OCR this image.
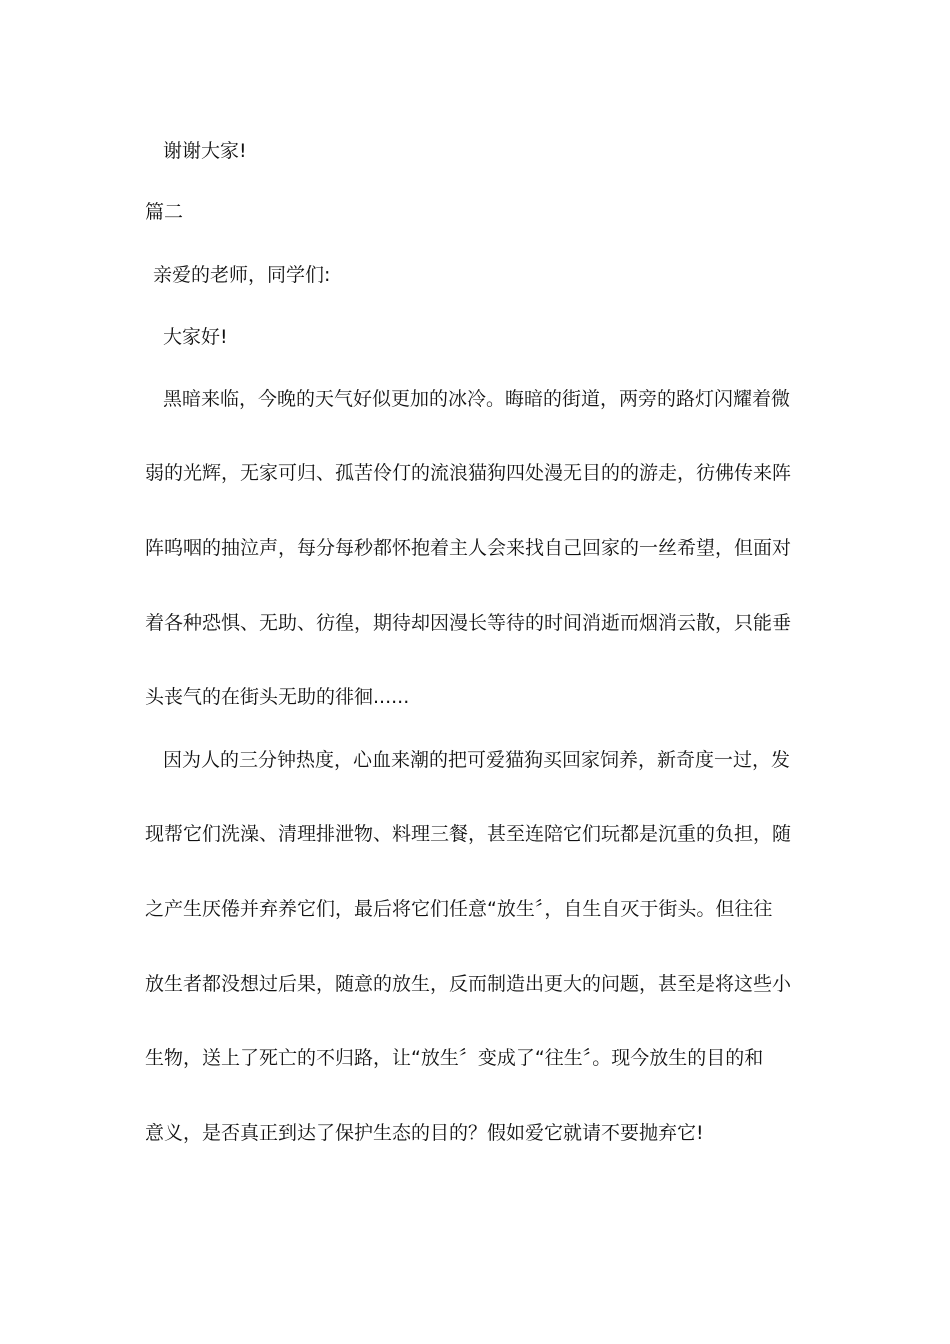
谢谢大家!
篇二
亲爱的老师，同学们:
大家好!
黑暗来临，今晚的天气好似更加的冰冷。晦暗的街道，两旁的路灯闪耀着微
弱的光辉，无家可归、孤苦伶仃的流浪猫狗四处漫无目的的游走，彷佛传来阵
阵呜咽的抽泣声，每分每秒都怀抱着主人会来找自己回家的一丝希望，但面对
着各种恐惧、无助、彷徨，期待却因漫长等待的时间消逝而烟消云散，只能垂
头丧气的在街头无助的徘徊......
因为人的三分钟热度，心血来潮的把可爱猫狗买回家饲养，新奇度一过，发
现帮它们洗澡、清理排泄物、料理三餐，甚至连陪它们玩都是沉重的负担，随
之产生厌倦并弃养它们，最后将它们任意“放生〞，自生自灭于街头。但往往
放生者都没想过后果，随意的放生，反而制造出更大的问题，甚至是将这些小
生物，送上了死亡的不归路，让“放生〞变成了“往生〞。现今放生的目的和
意义，是否真正到达了保护生态的目的？假如爱它就请不要抛弃它!
